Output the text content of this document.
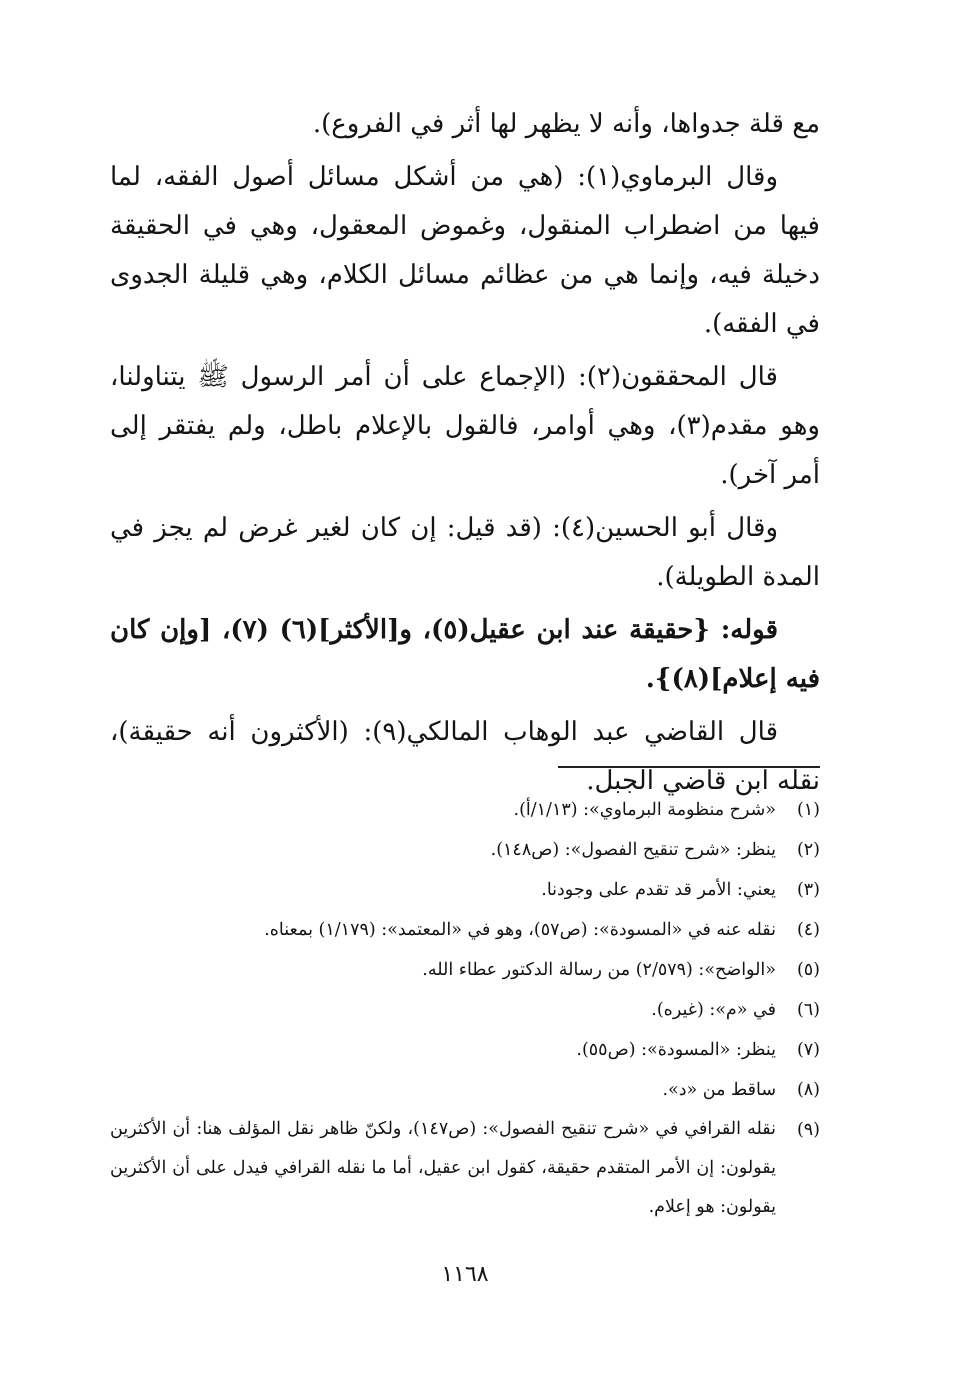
مع قلة جدواها، وأنه لا يظهر لها أثر في الفروع).

وقال البرماوي(١): (هي من أشكل مسائل أصول الفقه، لما فيها من اضطراب المنقول، وغموض المعقول، وهي في الحقيقة دخيلة فيه، وإنما هي من عظائم مسائل الكلام، وهي قليلة الجدوى في الفقه).

قال المحققون(٢): (الإجماع على أن أمر الرسول ﷺ يتناولنا، وهو مقدم(٣)، وهي أوامر، فالقول بالإعلام باطل، ولم يفتقر إلى أمر آخر).

وقال أبو الحسين(٤): (قد قيل: إن كان لغير غرض لم يجز في المدة الطويلة).

قوله: {حقيقة عند ابن عقيل(٥)، و[الأكثر](٦) (٧)، [وإن كان فيه إعلام](٨)}.

قال القاضي عبد الوهاب المالكي(٩): (الأكثرون أنه حقيقة)، نقله ابن قاضي الجبل.

(١)
«شرح منظومة البرماوي»: (١/١٣/أ).
(٢)
ينظر: «شرح تنقيح الفصول»: (ص١٤٨).
(٣)
يعني: الأمر قد تقدم على وجودنا.
(٤)
نقله عنه في «المسودة»: (ص٥٧)، وهو في «المعتمد»: (١/١٧٩) بمعناه.
(٥)
«الواضح»: (٢/٥٧٩) من رسالة الدكتور عطاء الله.
(٦)
في «م»: (غيره).
(٧)
ينظر: «المسودة»: (ص٥٥).
(٨)
ساقط من «د».
(٩)
نقله القرافي في «شرح تنقيح الفصول»: (ص١٤٧)، ولكنّ ظاهر نقل المؤلف هنا: أن الأكثرين يقولون: إن الأمر المتقدم حقيقة، كقول ابن عقيل، أما ما نقله القرافي فيدل على أن الأكثرين يقولون: هو إعلام.
١١٦٨
